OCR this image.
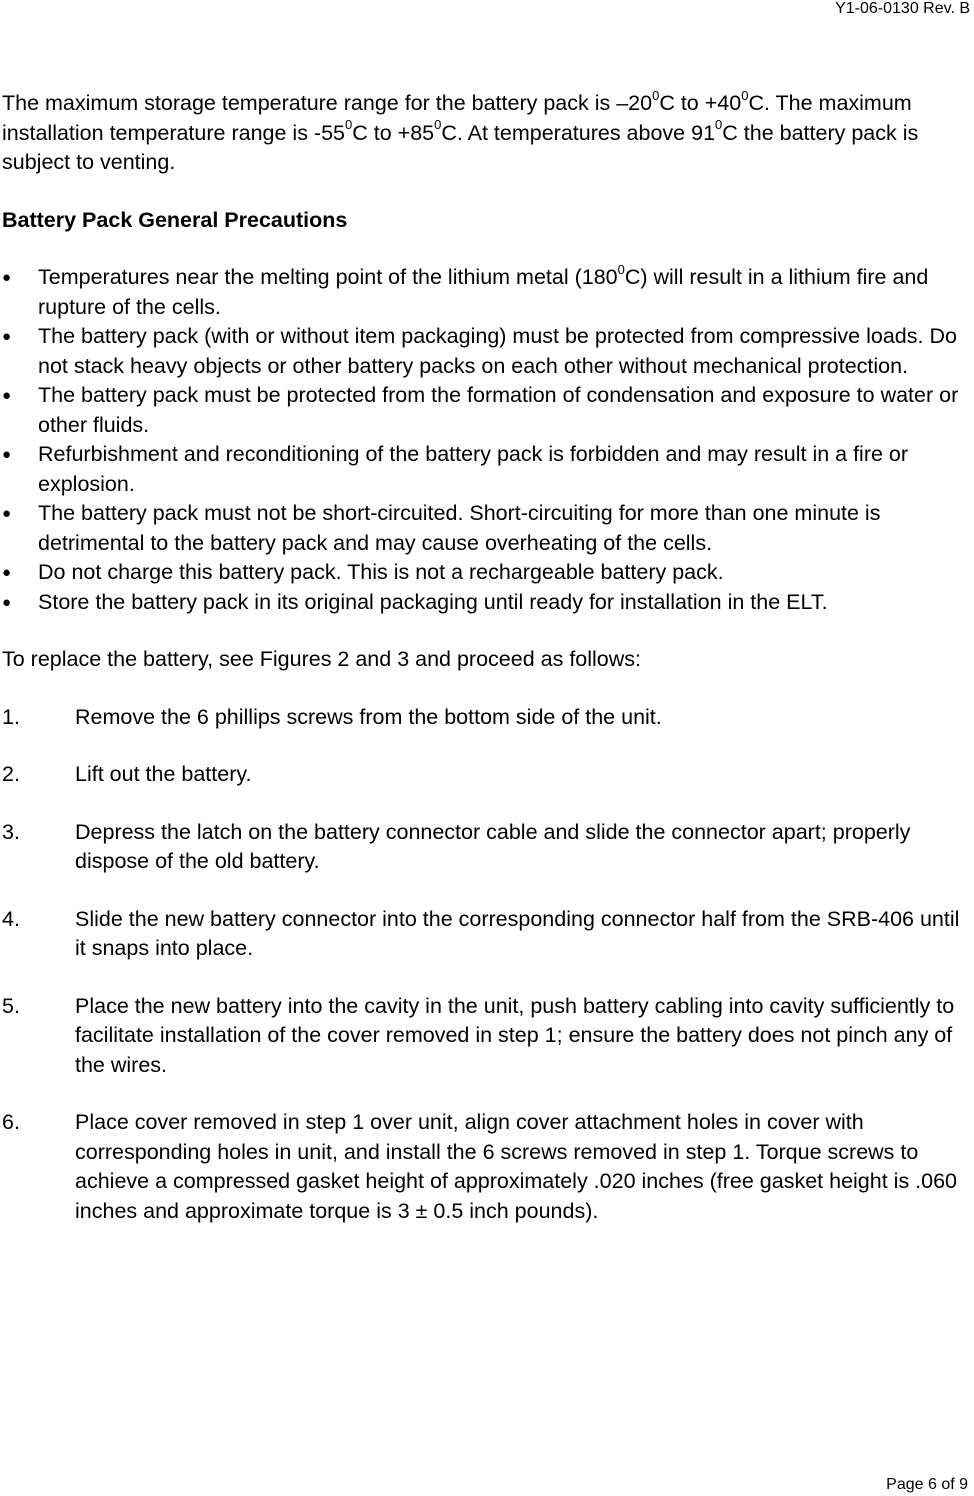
Y1-06-0130 Rev. B

The maximum storage temperature range for the battery pack is $-20^0C$ to $+40^0C$. The maximum installation temperature range is $-55^0C$ to $+85^0C$. At temperatures above $91^0C$ the battery pack is subject to venting.

Battery Pack General Precautions

●	Temperatures near the melting point of the lithium metal $(180^0C)$ will result in a lithium fire and rupture of the cells.
●	The battery pack (with or without item packaging) must be protected from compressive loads. Do not stack heavy objects or other battery packs on each other without mechanical protection.
●	The battery pack must be protected from the formation of condensation and exposure to water or other fluids.
●	Refurbishment and reconditioning of the battery pack is forbidden and may result in a fire or explosion.
●	The battery pack must not be short-circuited. Short-circuiting for more than one minute is detrimental to the battery pack and may cause overheating of the cells.
●	Do not charge this battery pack. This is not a rechargeable battery pack.
●	Store the battery pack in its original packaging until ready for installation in the ELT.

To replace the battery, see Figures 2 and 3 and proceed as follows:

1.	Remove the 6 phillips screws from the bottom side of the unit.
2.	Lift out the battery.
3.	Depress the latch on the battery connector cable and slide the connector apart; properly dispose of the old battery.
4.	Slide the new battery connector into the corresponding connector half from the SRB-406 until it snaps into place.
5.	Place the new battery into the cavity in the unit, push battery cabling into cavity sufficiently to facilitate installation of the cover removed in step 1; ensure the battery does not pinch any of the wires.
6.	Place cover removed in step 1 over unit, align cover attachment holes in cover with corresponding holes in unit, and install the 6 screws removed in step 1. Torque screws to achieve a compressed gasket height of approximately .020 inches (free gasket height is .060 inches and approximate torque is 3 ± 0.5 inch pounds).
Page 6 of 9
